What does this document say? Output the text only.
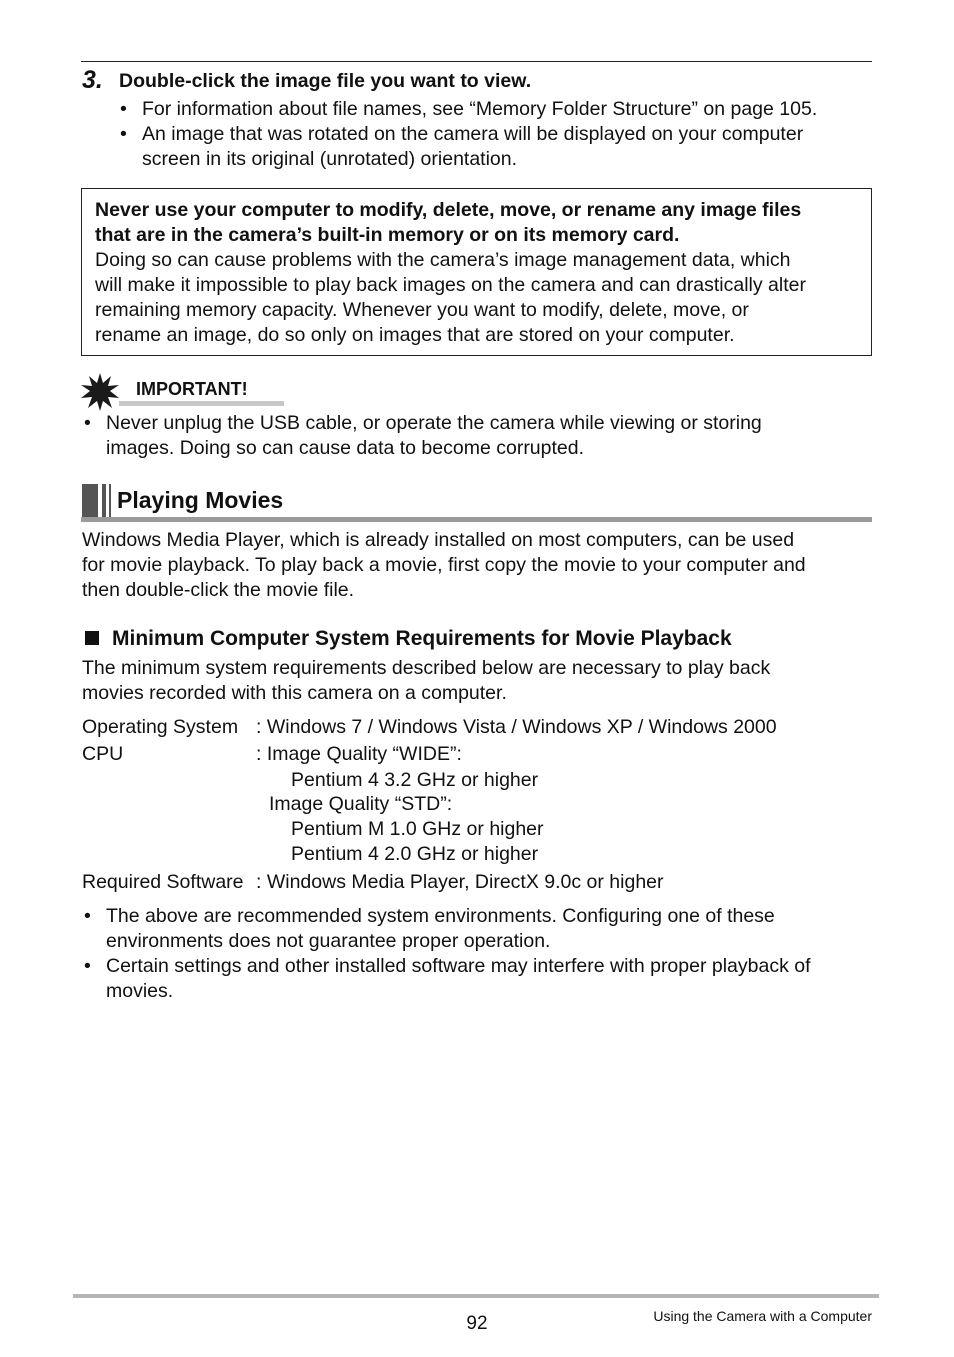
3. Double-click the image file you want to view.
• For information about file names, see “Memory Folder Structure” on page 105.
• An image that was rotated on the camera will be displayed on your computer
screen in its original (unrotated) orientation.
Never use your computer to modify, delete, move, or rename any image files
that are in the camera’s built-in memory or on its memory card.
Doing so can cause problems with the camera’s image management data, which
will make it impossible to play back images on the camera and can drastically alter
remaining memory capacity. Whenever you want to modify, delete, move, or
rename an image, do so only on images that are stored on your computer.
IMPORTANT!
• Never unplug the USB cable, or operate the camera while viewing or storing
images. Doing so can cause data to become corrupted.
Playing Movies
Windows Media Player, which is already installed on most computers, can be used
for movie playback. To play back a movie, first copy the movie to your computer and
then double-click the movie file.
Minimum Computer System Requirements for Movie Playback
The minimum system requirements described below are necessary to play back
movies recorded with this camera on a computer.
Operating System : Windows 7 / Windows Vista / Windows XP / Windows 2000
CPU	: Image Quality “WIDE”:
Pentium 4 3.2 GHz or higher
Image Quality “STD”:
Pentium M 1.0 GHz or higher
Pentium 4 2.0 GHz or higher
Required Software : Windows Media Player, DirectX 9.0c or higher
• The above are recommended system environments. Configuring one of these
environments does not guarantee proper operation.
• Certain settings and other installed software may interfere with proper playback of
movies.
92	Using the Camera with a Computer
